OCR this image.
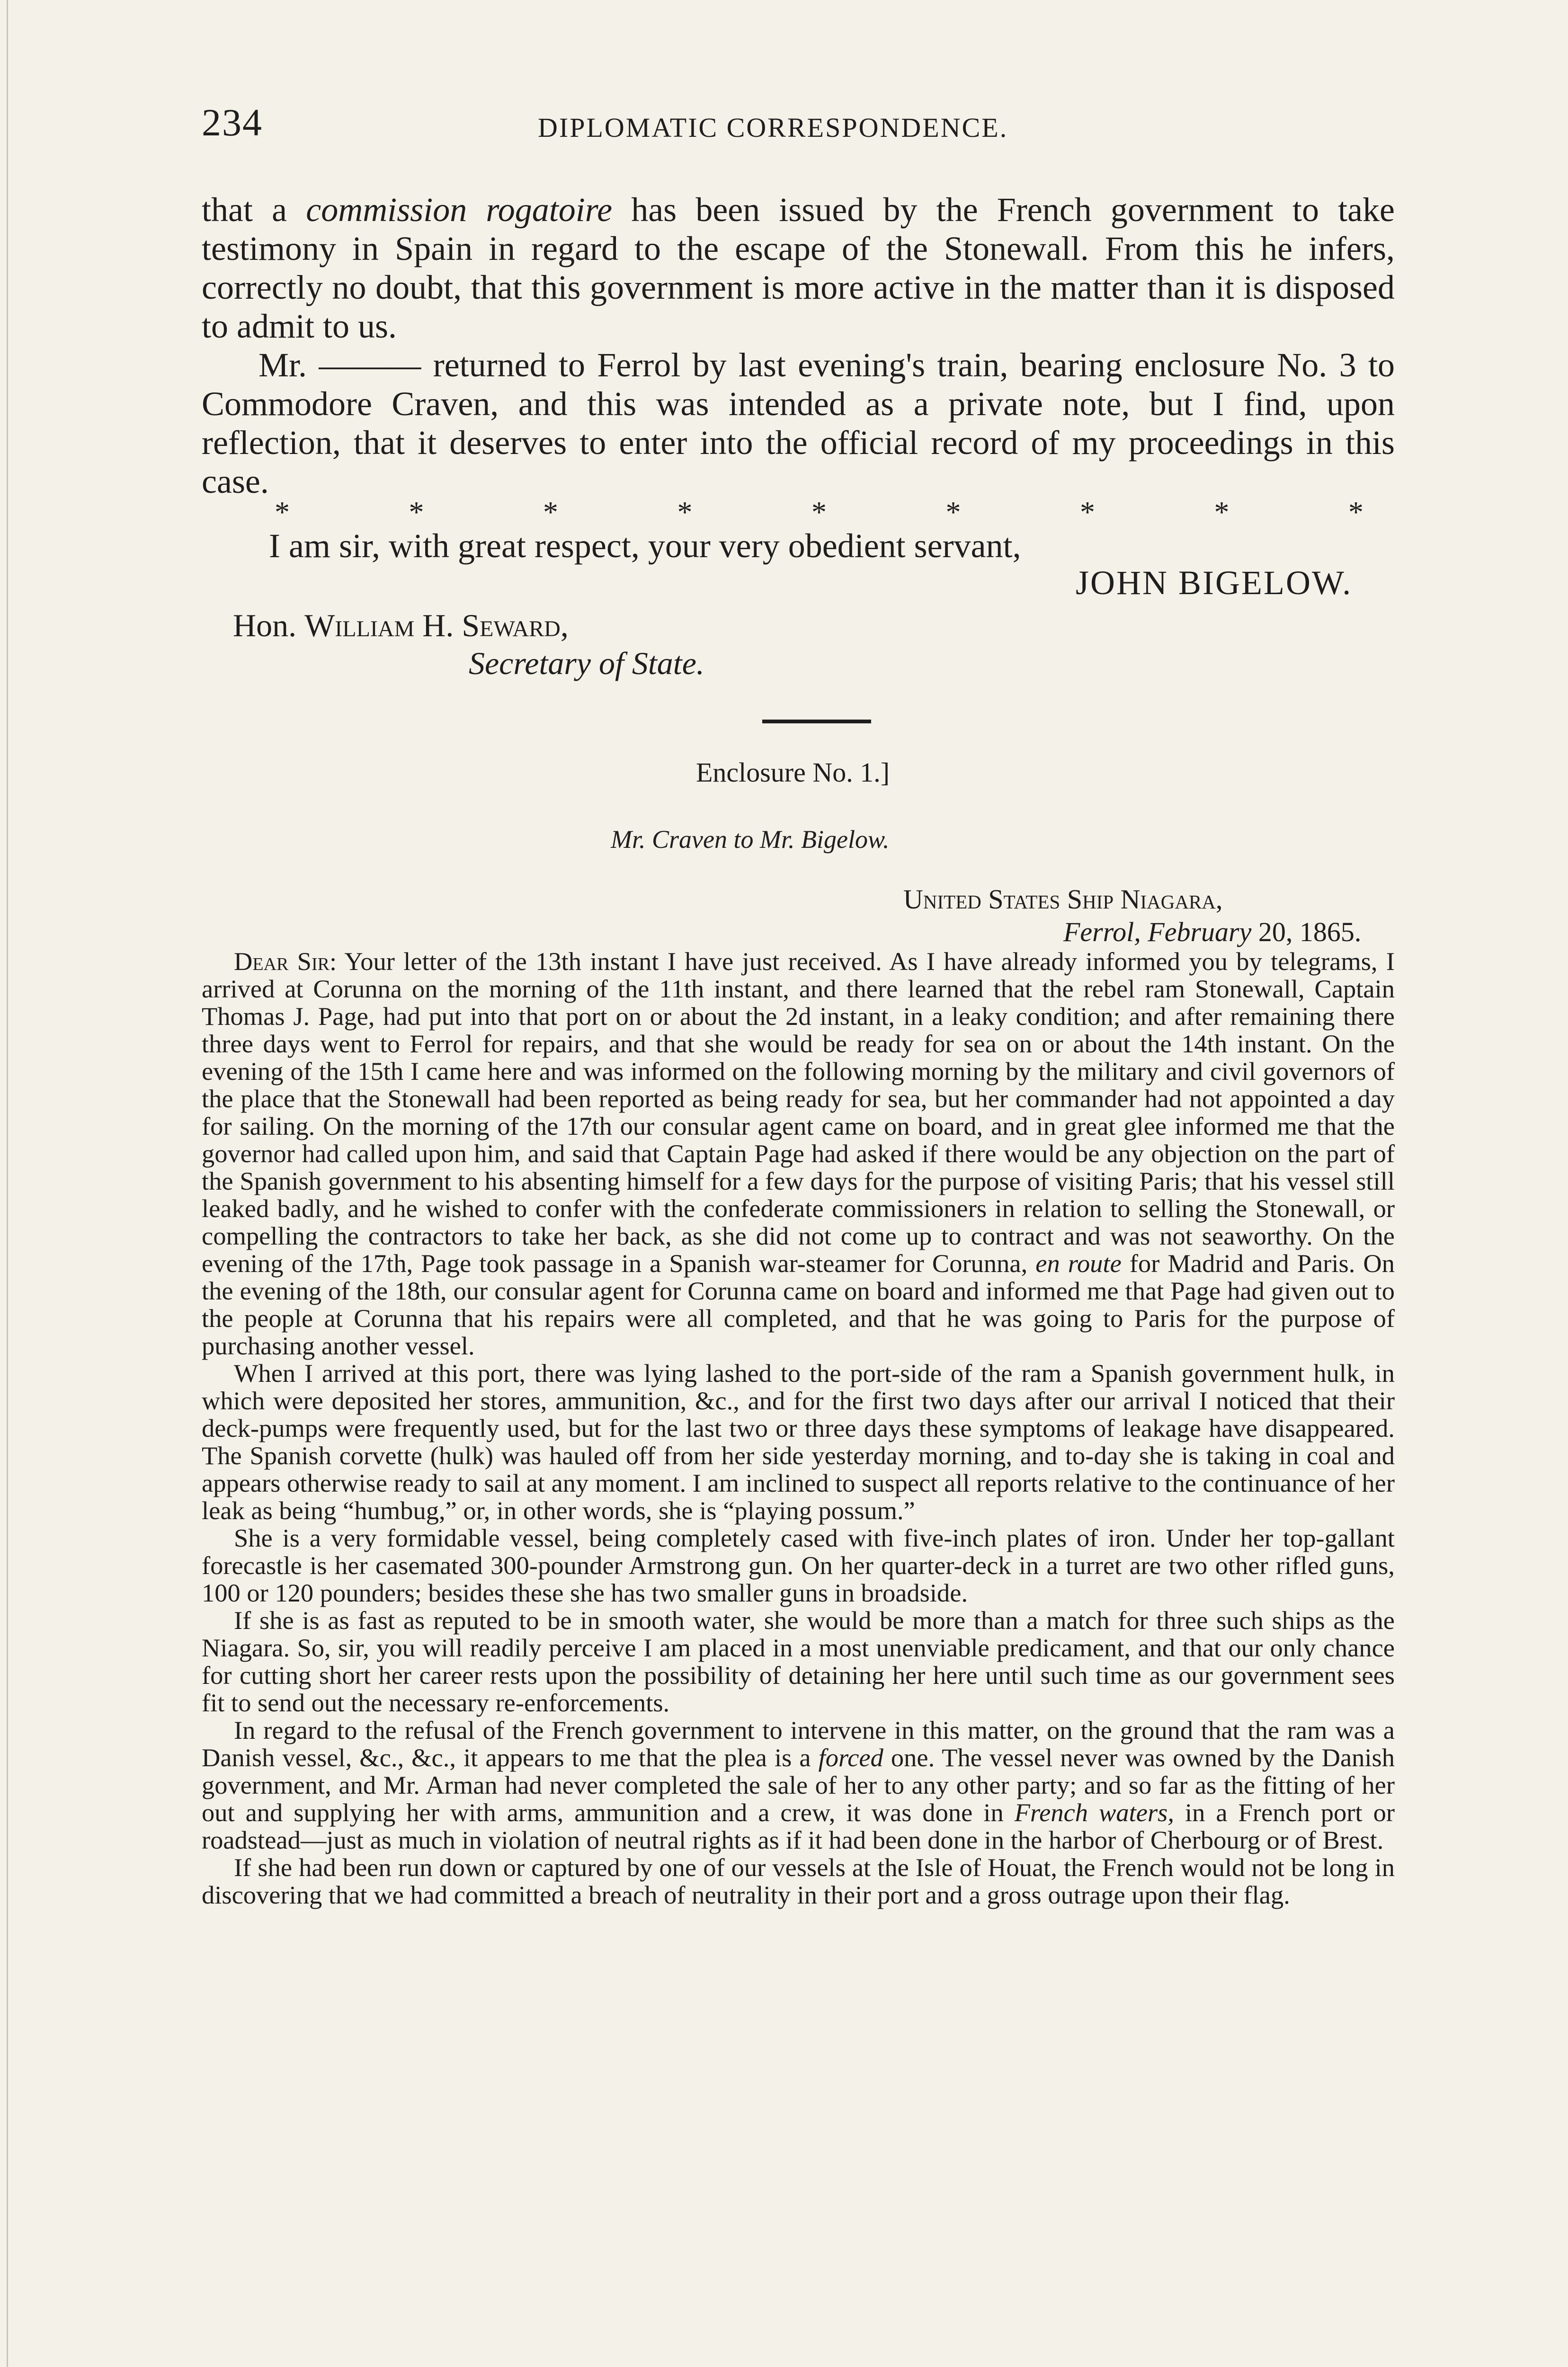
234	DIPLOMATIC CORRESPONDENCE.

that a commission rogatoire has been issued by the French government to take testimony in Spain in regard to the escape of the Stonewall. From this he infers, correctly no doubt, that this government is more active in the matter than it is disposed to admit to us.

Mr. ——— returned to Ferrol by last evening's train, bearing enclosure No. 3 to Commodore Craven, and this was intended as a private note, but I find, upon reflection, that it deserves to enter into the official record of my proceedings in this case.

*	*	*	*	*	*	*	*	*
I am sir, with great respect, your very obedient servant,
JOHN BIGELOW.
Hon. William H. Seward,
Secretary of State.
Enclosure No. 1.]
Mr. Craven to Mr. Bigelow.
United States Ship Niagara,
Ferrol, February 20, 1865.

Dear Sir: Your letter of the 13th instant I have just received. As I have already informed you by telegrams, I arrived at Corunna on the morning of the 11th instant, and there learned that the rebel ram Stonewall, Captain Thomas J. Page, had put into that port on or about the 2d instant, in a leaky condition; and after remaining there three days went to Ferrol for repairs, and that she would be ready for sea on or about the 14th instant. On the evening of the 15th I came here and was informed on the following morning by the military and civil governors of the place that the Stonewall had been reported as being ready for sea, but her commander had not appointed a day for sailing. On the morning of the 17th our consular agent came on board, and in great glee informed me that the governor had called upon him, and said that Captain Page had asked if there would be any objection on the part of the Spanish government to his absenting himself for a few days for the purpose of visiting Paris; that his vessel still leaked badly, and he wished to confer with the confederate commissioners in relation to selling the Stonewall, or compelling the contractors to take her back, as she did not come up to contract and was not seaworthy. On the evening of the 17th, Page took passage in a Spanish war-steamer for Corunna, en route for Madrid and Paris. On the evening of the 18th, our consular agent for Corunna came on board and informed me that Page had given out to the people at Corunna that his repairs were all completed, and that he was going to Paris for the purpose of purchasing another vessel.

When I arrived at this port, there was lying lashed to the port-side of the ram a Spanish government hulk, in which were deposited her stores, ammunition, &c., and for the first two days after our arrival I noticed that their deck-pumps were frequently used, but for the last two or three days these symptoms of leakage have disappeared. The Spanish corvette (hulk) was hauled off from her side yesterday morning, and to-day she is taking in coal and appears otherwise ready to sail at any moment. I am inclined to suspect all reports relative to the continuance of her leak as being “humbug,” or, in other words, she is “playing possum.”

She is a very formidable vessel, being completely cased with five-inch plates of iron. Under her top-gallant forecastle is her casemated 300-pounder Armstrong gun. On her quarter-deck in a turret are two other rifled guns, 100 or 120 pounders; besides these she has two smaller guns in broadside.

If she is as fast as reputed to be in smooth water, she would be more than a match for three such ships as the Niagara. So, sir, you will readily perceive I am placed in a most unenviable predicament, and that our only chance for cutting short her career rests upon the possibility of detaining her here until such time as our government sees fit to send out the necessary re-enforcements.

In regard to the refusal of the French government to intervene in this matter, on the ground that the ram was a Danish vessel, &c., &c., it appears to me that the plea is a forced one. The vessel never was owned by the Danish government, and Mr. Arman had never completed the sale of her to any other party; and so far as the fitting of her out and supplying her with arms, ammunition and a crew, it was done in French waters, in a French port or roadstead—just as much in violation of neutral rights as if it had been done in the harbor of Cherbourg or of Brest.

If she had been run down or captured by one of our vessels at the Isle of Houat, the French would not be long in discovering that we had committed a breach of neutrality in their port and a gross outrage upon their flag.
